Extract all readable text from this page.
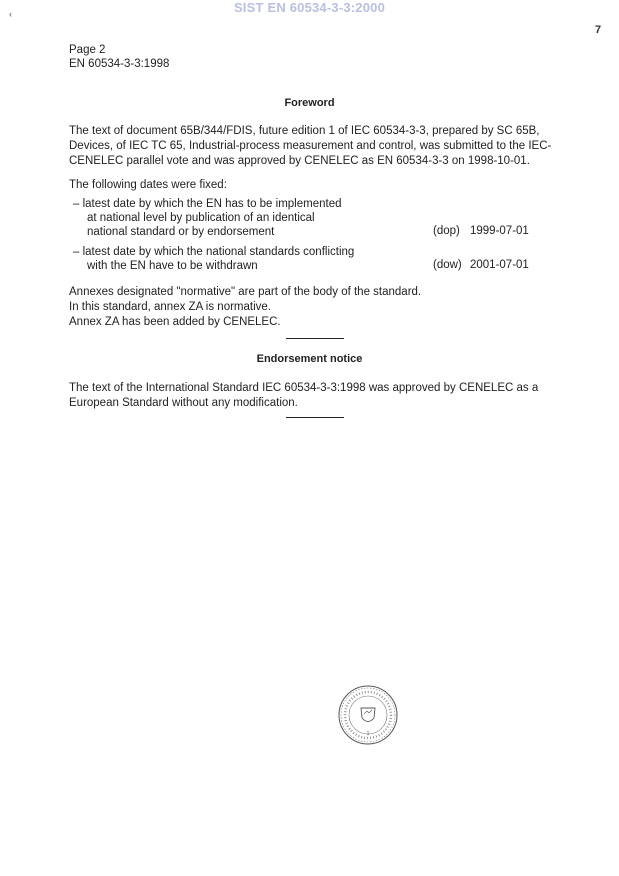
SIST EN 60534-3-3:2000
‹
7
Page 2
EN 60534-3-3:1998
Foreword
The text of document 65B/344/FDIS, future edition 1 of IEC 60534-3-3, prepared by SC 65B,
Devices, of IEC TC 65, Industrial-process measurement and control, was submitted to the IEC-
CENELEC parallel vote and was approved by CENELEC as EN 60534-3-3 on 1998-10-01.
The following dates were fixed:
– latest date by which the EN has to be implemented
at national level by publication of an identical
national standard or by endorsement	(dop) 1999-07-01
– latest date by which the national standards conflicting
with the EN have to be withdrawn	(dow) 2001-07-01
Annexes designated "normative" are part of the body of the standard.
In this standard, annex ZA is normative.
Annex ZA has been added by CENELEC.
Endorsement notice
The text of the International Standard IEC 60534-3-3:1998 was approved by CENELEC as a
European Standard without any modification.
1
